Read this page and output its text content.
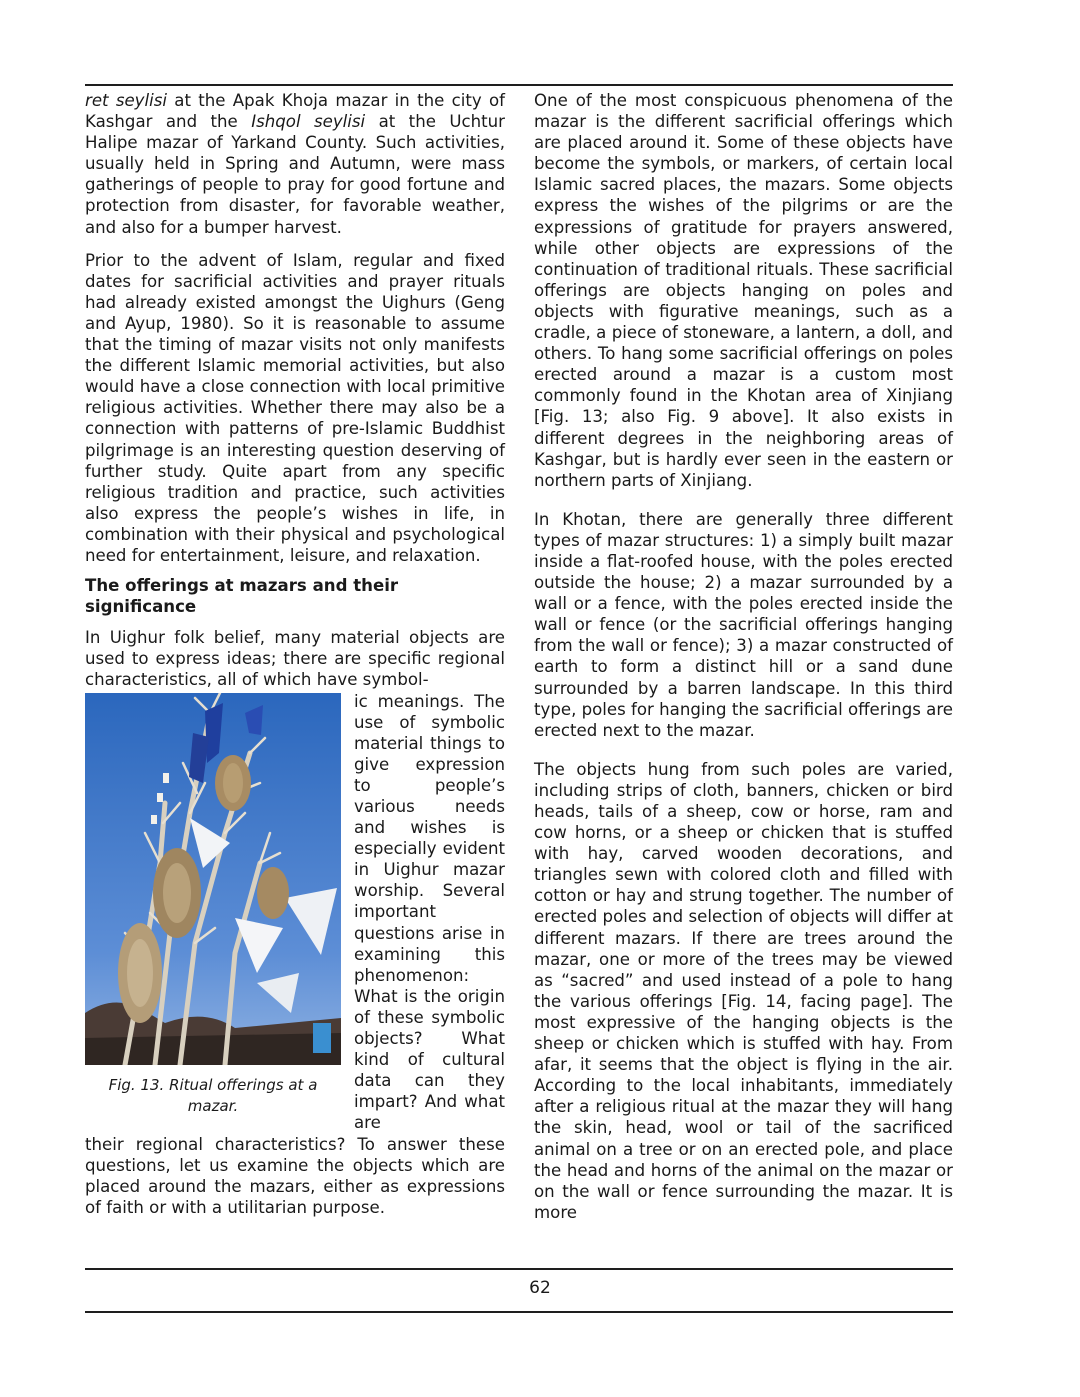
ret seylisi at the Apak Khoja mazar in the city of Kashgar and the Ishqol seylisi at the Uchtur Halipe mazar of Yarkand County. Such activities, usually held in Spring and Autumn, were mass gatherings of people to pray for good fortune and protection from disaster, for favorable weather, and also for a bumper harvest.

Prior to the advent of Islam, regular and fixed dates for sacrificial activities and prayer rituals had already existed amongst the Uighurs (Geng and Ayup, 1980). So it is reasonable to assume that the timing of mazar visits not only manifests the different Islamic memorial activities, but also would have a close connection with local primitive religious activities. Whether there may also be a connection with patterns of pre-Islamic Buddhist pilgrimage is an interesting question deserving of further study. Quite apart from any specific religious tradition and practice, such activities also express the people’s wishes in life, in combination with their physical and psychological need for entertainment, leisure, and relaxation.

The offerings at mazars and their significance

In Uighur folk belief, many material objects are used to express ideas; there are specific regional characteristics, all of which have symbol-

Fig. 13. Ritual offerings at a mazar.

ic meanings. The use of symbolic material things to give expression to people’s various needs and wishes is especially evident in Uighur mazar worship. Several important questions arise in examining this phenomenon: What is the origin of these symbolic objects? What kind of cultural data can they impart? And what are

their regional characteristics? To answer these questions, let us examine the objects which are placed around the mazars, either as expressions of faith or with a utilitarian purpose.

One of the most conspicuous phenomena of the mazar is the different sacrificial offerings which are placed around it. Some of these objects have become the symbols, or markers, of certain local Islamic sacred places, the mazars. Some objects express the wishes of the pilgrims or are the expressions of gratitude for prayers answered, while other objects are expressions of the continuation of traditional rituals. These sacrificial offerings are objects hanging on poles and objects with figurative meanings, such as a cradle, a piece of stoneware, a lantern, a doll, and others. To hang some sacrificial offerings on poles erected around a mazar is a custom most commonly found in the Khotan area of Xinjiang [Fig. 13; also Fig. 9 above]. It also exists in different degrees in the neighboring areas of Kashgar, but is hardly ever seen in the eastern or northern parts of Xinjiang.

In Khotan, there are generally three different types of mazar structures: 1) a simply built mazar inside a flat-roofed house, with the poles erected outside the house; 2) a mazar surrounded by a wall or a fence, with the poles erected inside the wall or fence (or the sacrificial offerings hanging from the wall or fence); 3) a mazar constructed of earth to form a distinct hill or a sand dune surrounded by a barren landscape. In this third type, poles for hanging the sacrificial offerings are erected next to the mazar.

The objects hung from such poles are varied, including strips of cloth, banners, chicken or bird heads, tails of a sheep, cow or horse, ram and cow horns, or a sheep or chicken that is stuffed with hay, carved wooden decorations, and triangles sewn with colored cloth and filled with cotton or hay and strung together. The number of erected poles and selection of objects will differ at different mazars. If there are trees around the mazar, one or more of the trees may be viewed as “sacred” and used instead of a pole to hang the various offerings [Fig. 14, facing page]. The most expressive of the hanging objects is the sheep or chicken which is stuffed with hay. From afar, it seems that the object is flying in the air. According to the local inhabitants, immediately after a religious ritual at the mazar they will hang the skin, head, wool or tail of the sacrificed animal on a tree or on an erected pole, and place the head and horns of the animal on the mazar or on the wall or fence surrounding the mazar. It is more

62
